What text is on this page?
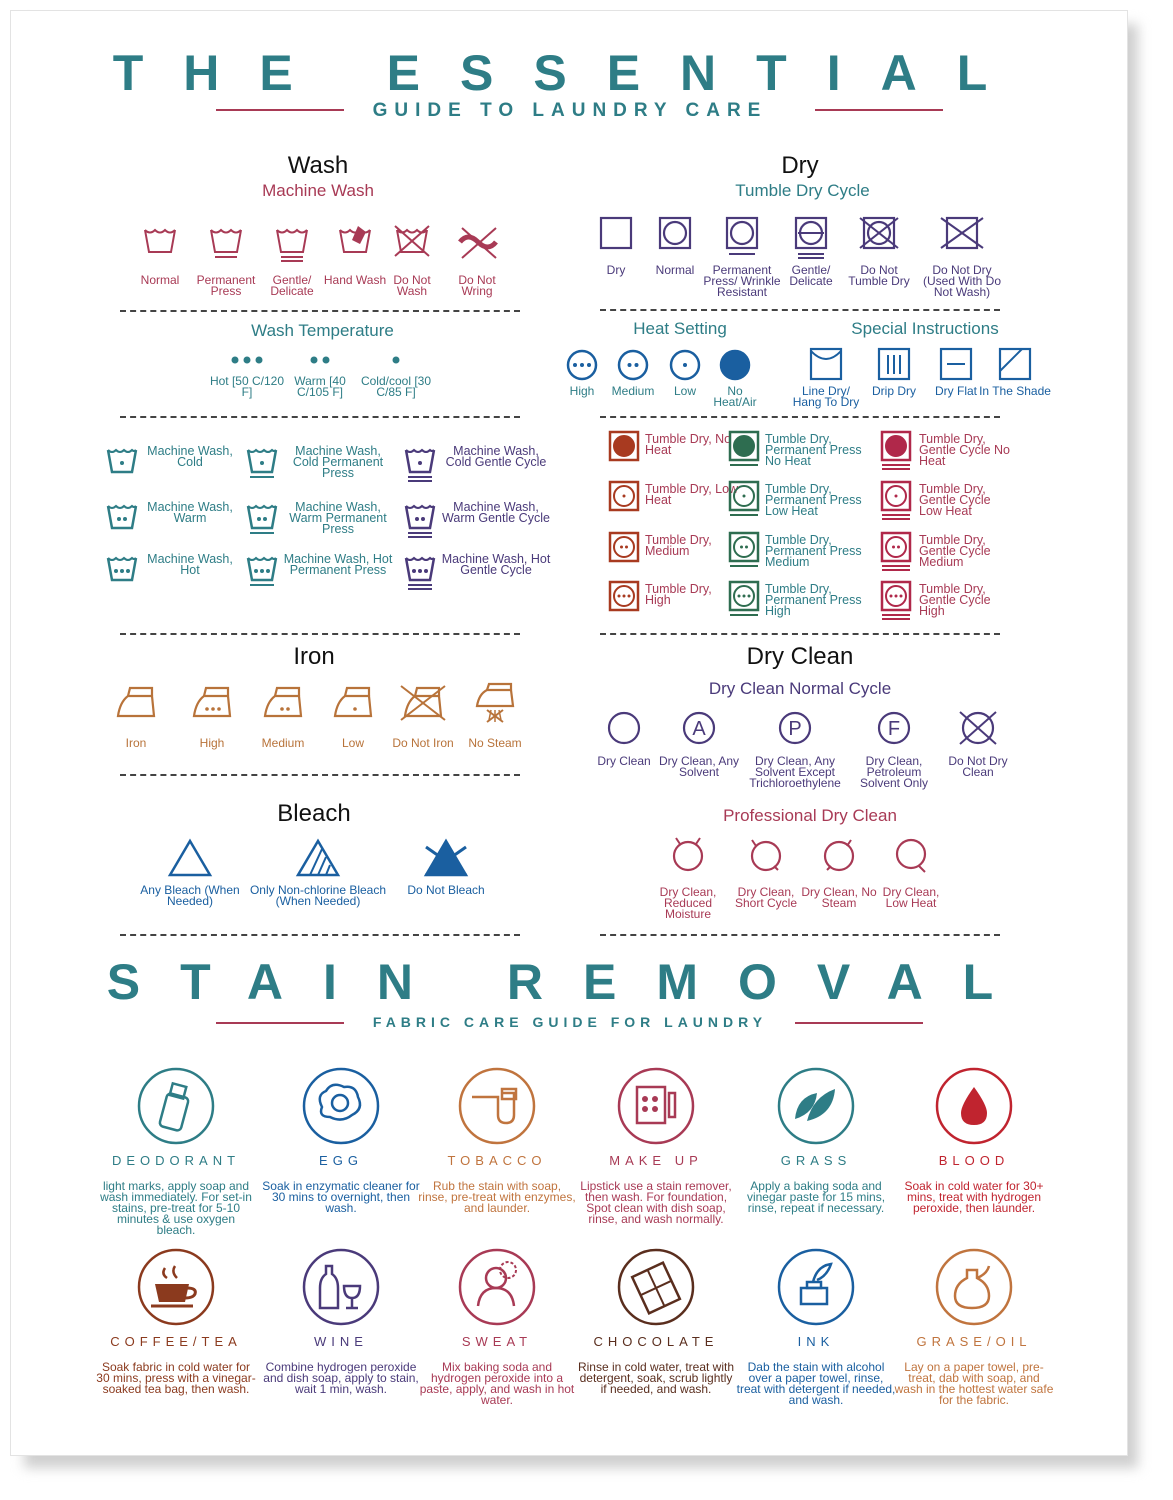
THE ESSENTIAL
GUIDE TO LAUNDRY CARE
Wash
Machine Wash
Normal	Permanent Press
Gentle/ Delicate
Hand Wash Do Not Wash
Do Not Wring
Wash Temperature
Hot [50 C/120 F]
Warm [40 C/105 F]
Cold/cool [30 C/85 F]
Machine Wash, Cold
Machine Wash, Cold Permanent Press
Machine Wash, Cold Gentle Cycle
Machine Wash, Warm
Machine Wash, Warm Permanent Press
Machine Wash, Warm Gentle Cycle
Machine Wash, Hot
Machine Wash, Hot Permanent Press
Machine Wash, Hot Gentle Cycle
Iron
Iron	High	Medium	Low	Do Not Iron	No Steam
Bleach
Any Bleach (When Needed)
Only Non-chlorine Bleach (When Needed)
Do Not Bleach
Dry
Tumble Dry Cycle
Dry	Normal	Permanent Press/ Wrinkle Resistant
Gentle/ Delicate
Do Not Tumble Dry
Do Not Dry (Used With Do Not Wash)
Heat Setting	Special Instructions
High	Medium	Low	No Heat/Air
Line Dry/ Hang To Dry
Drip Dry	Dry Flat In The Shade
Tumble Dry, No Heat
Tumble Dry, Permanent Press No Heat
Tumble Dry, Gentle Cycle No Heat
Tumble Dry, Low Heat
Tumble Dry, Permanent Press Low Heat
Tumble Dry, Gentle Cycle Low Heat
Tumble Dry, Medium
Tumble Dry, Permanent Press Medium
Tumble Dry, Gentle Cycle Medium
Tumble Dry, High
Tumble Dry, Permanent Press High
Tumble Dry, Gentle Cycle High
Dry Clean
Dry Clean Normal Cycle
Dry Clean
A
Dry Clean, Any Solvent
P
Dry Clean, Any Solvent Except Trichloroethylene
F
Dry Clean, Petroleum Solvent Only
Do Not Dry Clean
Professional Dry Clean
Dry Clean, Reduced Moisture
Dry Clean, Short Cycle
Dry Clean, No Steam
Dry Clean, Low Heat
STAIN REMOVAL
FABRIC CARE GUIDE FOR LAUNDRY
DEODORANT
light marks, apply soap and wash immediately. For set-in stains, pre-treat for 5-10 minutes & use oxygen bleach.
EGG
Soak in enzymatic cleaner for 30 mins to overnight, then wash.
TOBACCO
Rub the stain with soap, rinse, pre-treat with enzymes, and launder.
MAKE UP
Lipstick use a stain remover, then wash. For foundation, Spot clean with dish soap, rinse, and wash normally.
GRASS
Apply a baking soda and vinegar paste for 15 mins, rinse, repeat if necessary.
BLOOD
Soak in cold water for 30+ mins, treat with hydrogen peroxide, then launder.
COFFEE/TEA
Soak fabric in cold water for 30 mins, press with a vinegar-soaked tea bag, then wash.
WINE
Combine hydrogen peroxide and dish soap, apply to stain, wait 1 min, wash.
SWEAT
Mix baking soda and hydrogen peroxide into a paste, apply, and wash in hot water.
CHOCOLATE
Rinse in cold water, treat with detergent, soak, scrub lightly if needed, and wash.
INK
Dab the stain with alcohol over a paper towel, rinse, treat with detergent if needed, and wash.
GRASE/OIL
Lay on a paper towel, pre-treat, dab with soap, and wash in the hottest water safe for the fabric.
